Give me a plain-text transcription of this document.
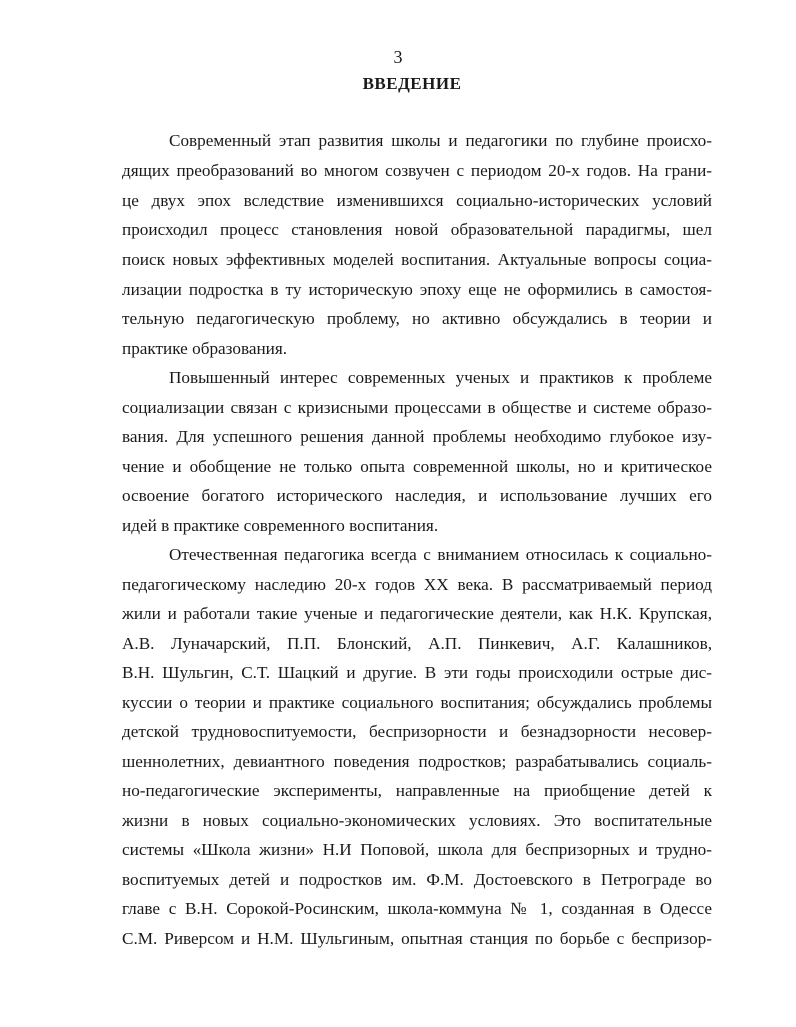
3
ВВЕДЕНИЕ
Современный этап развития школы и педагогики по глубине происхо-
дящих преобразований во многом созвучен с периодом 20-х годов. На грани-
це двух эпох вследствие изменившихся социально-исторических условий
происходил процесс становления новой образовательной парадигмы, шел
поиск новых эффективных моделей воспитания. Актуальные вопросы социа-
лизации подростка в ту историческую эпоху еще не оформились в самостоя-
тельную педагогическую проблему, но активно обсуждались в теории и
практике образования.
Повышенный интерес современных ученых и практиков к проблеме
социализации связан с кризисными процессами в обществе и системе образо-
вания. Для успешного решения данной проблемы необходимо глубокое изу-
чение и обобщение не только опыта современной школы, но и критическое
освоение богатого исторического наследия, и использование лучших его
идей в практике современного воспитания.
Отечественная педагогика всегда с вниманием относилась к социально-
педагогическому наследию 20-х годов ХХ века. В рассматриваемый период
жили и работали такие ученые и педагогические деятели, как Н.К. Крупская,
А.В. Луначарский, П.П. Блонский, А.П. Пинкевич, А.Г. Калашников,
В.Н. Шульгин, С.Т. Шацкий и другие. В эти годы происходили острые дис-
куссии о теории и практике социального воспитания; обсуждались проблемы
детской трудновоспитуемости, беспризорности и безнадзорности несовер-
шеннолетних, девиантного поведения подростков; разрабатывались социаль-
но-педагогические эксперименты, направленные на приобщение детей к
жизни в новых социально-экономических условиях. Это воспитательные
системы «Школа жизни» Н.И Поповой, школа для беспризорных и трудно-
воспитуемых детей и подростков им. Ф.М. Достоевского в Петрограде во
главе с В.Н. Сорокой-Росинским, школа-коммуна № 1, созданная в Одессе
С.М. Риверсом и Н.М. Шульгиным, опытная станция по борьбе с беспризор-
